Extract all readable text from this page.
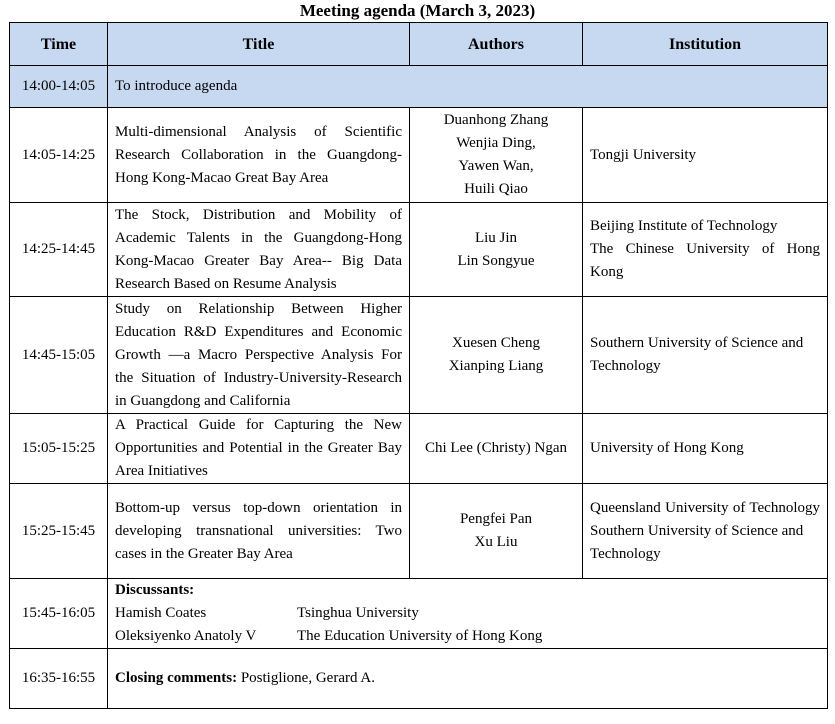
Meeting agenda (March 3, 2023)
Time	Title	Authors	Institution
14:00-14:05	To introduce agenda		
14:05-14:25	Multi-dimensional Analysis of Scientific Research Collaboration in the Guangdong-Hong Kong-Macao Great Bay Area	Duanhong Zhang
Wenjia Ding,
Yawen Wan,
Huili Qiao	Tongji University

14:25-14:45	The Stock, Distribution and Mobility of Academic Talents in the Guangdong-Hong Kong-Macao Greater Bay Area-- Big Data Research Based on Resume Analysis	Liu Jin
Lin Songyue	Beijing Institute of Technology
The Chinese University of Hong Kong

14:45-15:05	Study on Relationship Between Higher Education R&D Expenditures and Economic Growth —a Macro Perspective Analysis For the Situation of Industry-University-Research in Guangdong and California	Xuesen Cheng
Xianping Liang	Southern University of Science and Technology

15:05-15:25	A Practical Guide for Capturing the New Opportunities and Potential in the Greater Bay Area Initiatives	Chi Lee (Christy) Ngan	University of Hong Kong

15:25-15:45	Bottom-up versus top-down orientation in developing transnational universities: Two cases in the Greater Bay Area	Pengfei Pan
Xu Liu	Queensland University of Technology
Southern University of Science and Technology

15:45-16:05	Discussants:
Hamish Coates Tsinghua University
Oleksiyenko Anatoly V The Education University of Hong Kong		

16:35-16:55	Closing comments: Postiglione, Gerard A.		
